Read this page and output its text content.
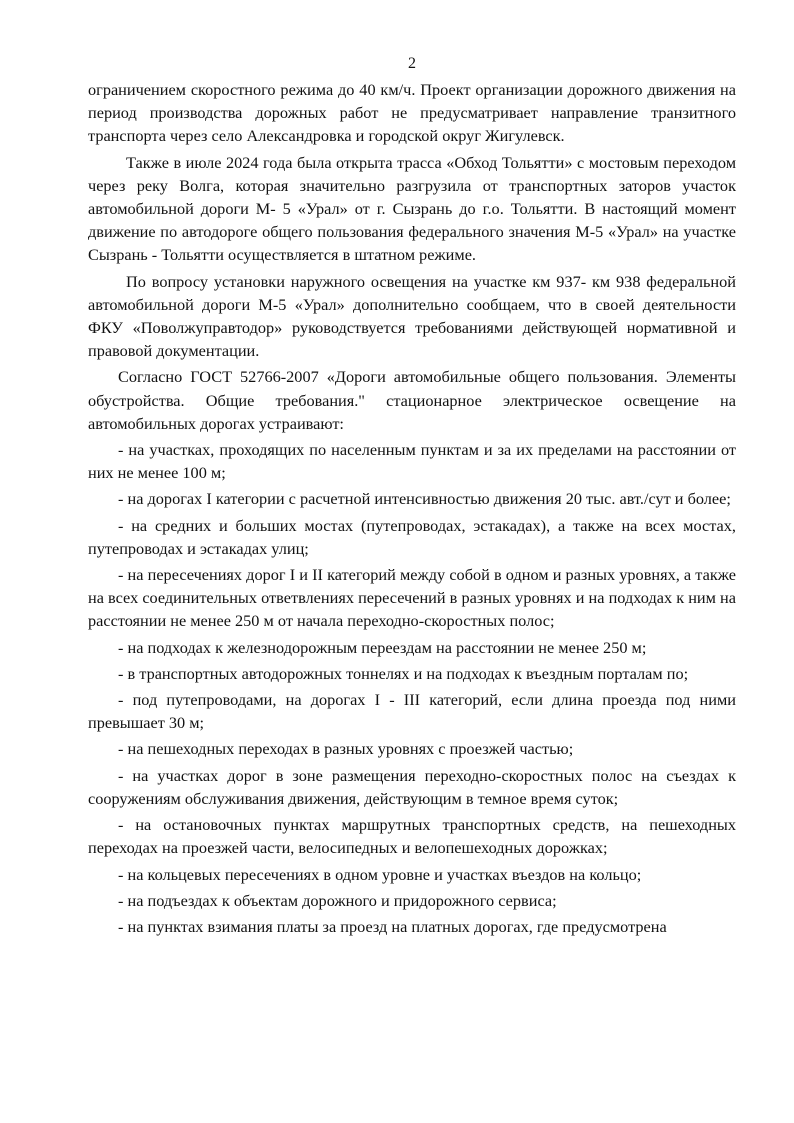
2

ограничением скоростного режима до 40 км/ч. Проект организации дорожного движения на период производства дорожных работ не предусматривает направление транзитного транспорта через село Александровка и городской округ Жигулевск.

Также в июле 2024 года была открыта трасса «Обход Тольятти» с мостовым переходом через реку Волга, которая значительно разгрузила от транспортных заторов участок автомобильной дороги М- 5 «Урал» от г. Сызрань до г.о. Тольятти. В настоящий момент движение по автодороге общего пользования федерального значения М-5 «Урал» на участке Сызрань - Тольятти осуществляется в штатном режиме.

По вопросу установки наружного освещения на участке км 937- км 938 федеральной автомобильной дороги М-5 «Урал» дополнительно сообщаем, что в своей деятельности ФКУ «Поволжуправтодор» руководствуется требованиями действующей нормативной и правовой документации.

Согласно ГОСТ 52766-2007 «Дороги автомобильные общего пользования. Элементы обустройства. Общие требования." стационарное электрическое освещение на автомобильных дорогах устраивают:

- на участках, проходящих по населенным пунктам и за их пределами на расстоянии от них не менее 100 м;

- на дорогах I категории с расчетной интенсивностью движения 20 тыс. авт./сут и более;

- на средних и больших мостах (путепроводах, эстакадах), а также на всех мостах, путепроводах и эстакадах улиц;

- на пересечениях дорог I и II категорий между собой в одном и разных уровнях, а также на всех соединительных ответвлениях пересечений в разных уровнях и на подходах к ним на расстоянии не менее 250 м от начала переходно-скоростных полос;

- на подходах к железнодорожным переездам на расстоянии не менее 250 м;

- в транспортных автодорожных тоннелях и на подходах к въездным порталам по;

- под путепроводами, на дорогах I - III категорий, если длина проезда под ними превышает 30 м;

- на пешеходных переходах в разных уровнях с проезжей частью;

- на участках дорог в зоне размещения переходно-скоростных полос на съездах к сооружениям обслуживания движения, действующим в темное время суток;

- на остановочных пунктах маршрутных транспортных средств, на пешеходных переходах на проезжей части, велосипедных и велопешеходных дорожках;

- на кольцевых пересечениях в одном уровне и участках въездов на кольцо;

- на подъездах к объектам дорожного и придорожного сервиса;

- на пунктах взимания платы за проезд на платных дорогах, где предусмотрена
